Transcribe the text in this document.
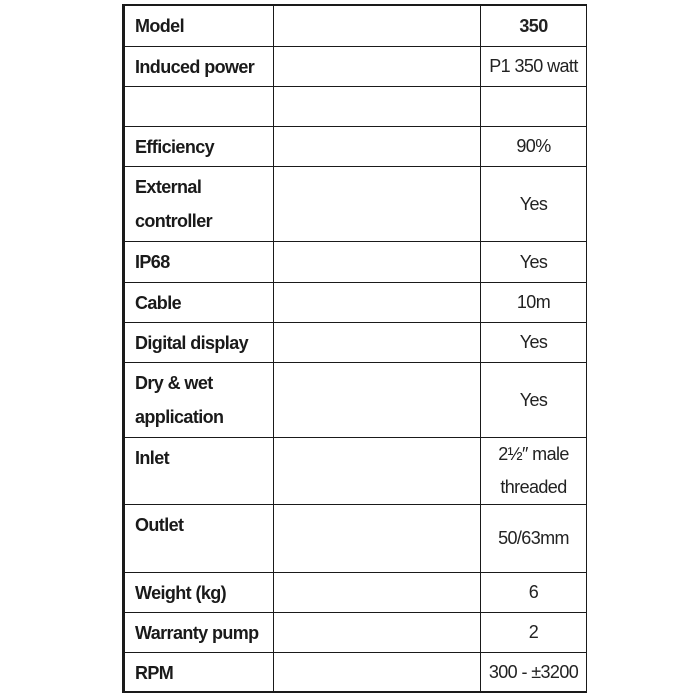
Model		350

Induced power		P1 350 watt

Efficiency		90%

External controller		Yes

IP68		Yes

Cable		10m

Digital display		Yes

Dry & wet application		Yes

Inlet		2½″ male threaded

Outlet		50/63mm

Weight (kg)		6

Warranty pump		2

RPM		300 - ±3200
